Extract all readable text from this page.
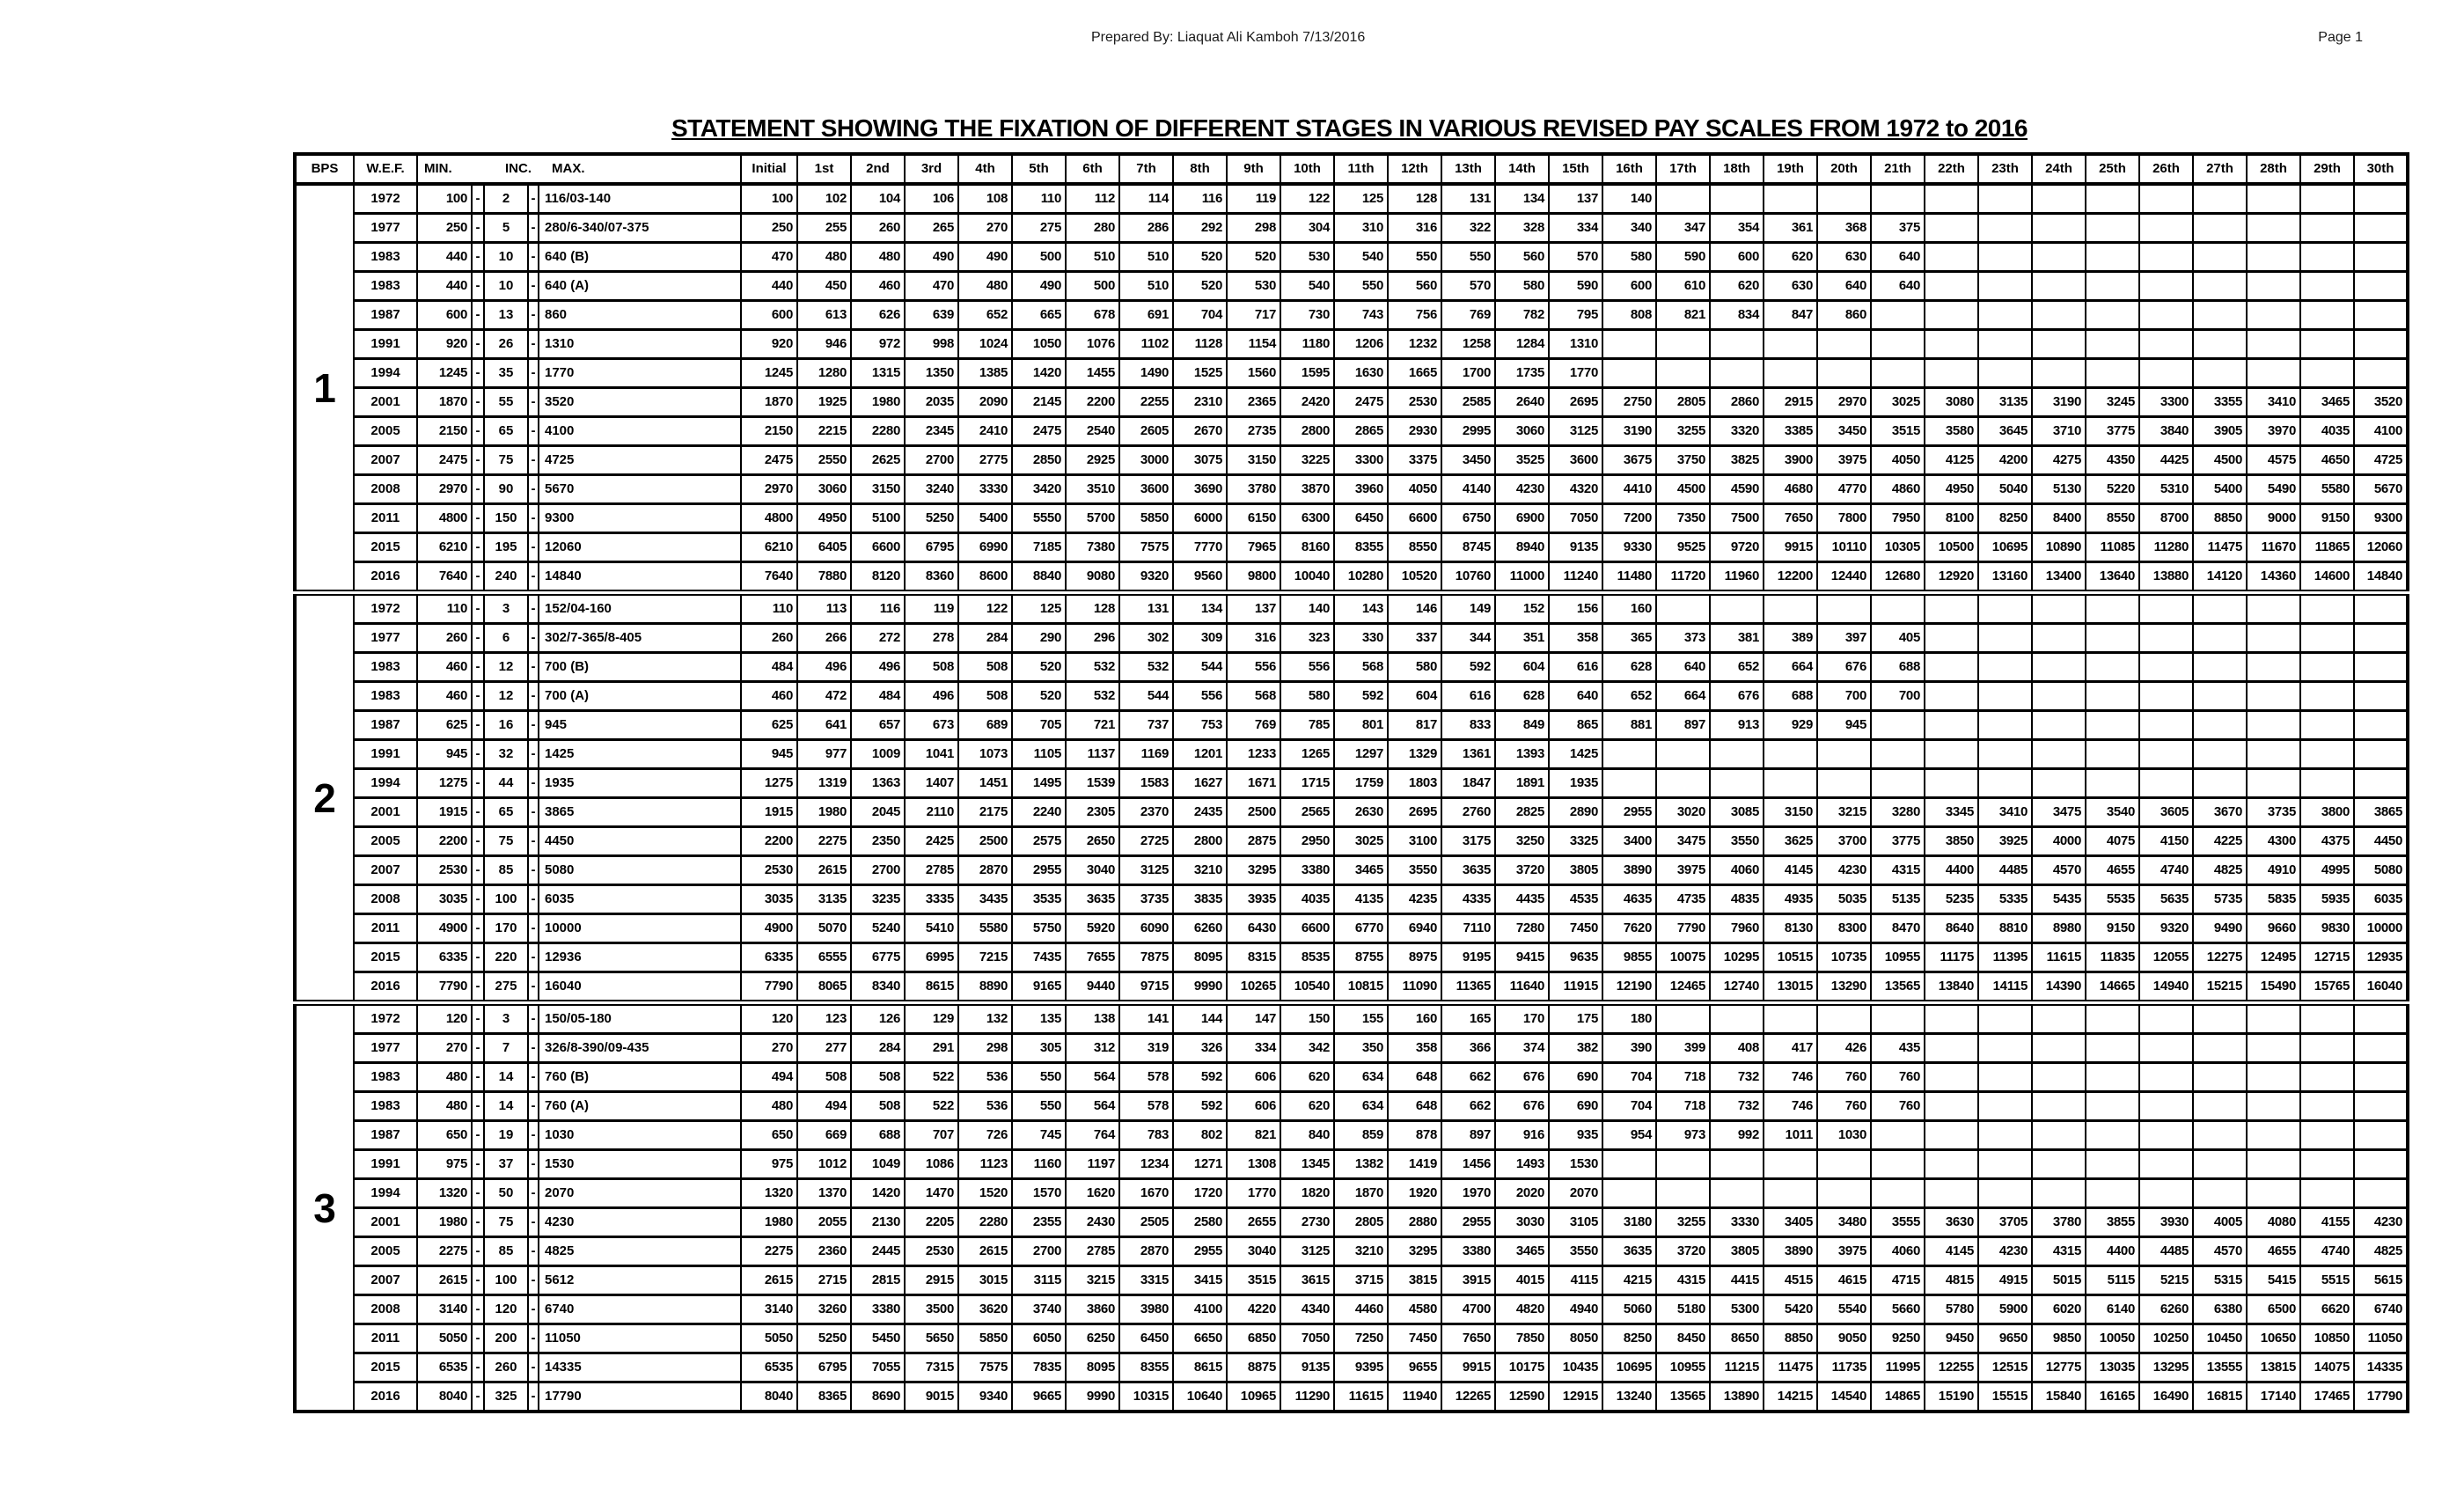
Prepared By: Liaquat Ali Kamboh 7/13/2016	Page 1
STATEMENT SHOWING THE FIXATION OF DIFFERENT STAGES IN VARIOUS REVISED PAY SCALES FROM 1972 to 2016
BPS	W.E.F.	MIN. INC. MAX.					Initial	1st	2nd	3rd	4th	5th	6th	7th	8th	9th	10th	11th	12th	13th	14th	15th	16th	17th	18th	19th	20th	21th	22th	23th	24th	25th	26th	27th	28th	29th	30th
1	1972	100	-	2	-	116/03-140	100	102	104	106	108	110	112	114	116	119	122	125	128	131	134	137	140														
	1977	250	-	5	-	280/6-340/07-375	250	255	260	265	270	275	280	286	292	298	304	310	316	322	328	334	340	347	354	361	368	375									
	1983	440	-	10	-	640 (B)	470	480	480	490	490	500	510	510	520	520	530	540	550	550	560	570	580	590	600	620	630	640									
	1983	440	-	10	-	640 (A)	440	450	460	470	480	490	500	510	520	530	540	550	560	570	580	590	600	610	620	630	640	640									
	1987	600	-	13	-	860	600	613	626	639	652	665	678	691	704	717	730	743	756	769	782	795	808	821	834	847	860										
	1991	920	-	26	-	1310	920	946	972	998	1024	1050	1076	1102	1128	1154	1180	1206	1232	1258	1284	1310															
	1994	1245	-	35	-	1770	1245	1280	1315	1350	1385	1420	1455	1490	1525	1560	1595	1630	1665	1700	1735	1770															
	2001	1870	-	55	-	3520	1870	1925	1980	2035	2090	2145	2200	2255	2310	2365	2420	2475	2530	2585	2640	2695	2750	2805	2860	2915	2970	3025	3080	3135	3190	3245	3300	3355	3410	3465	3520
	2005	2150	-	65	-	4100	2150	2215	2280	2345	2410	2475	2540	2605	2670	2735	2800	2865	2930	2995	3060	3125	3190	3255	3320	3385	3450	3515	3580	3645	3710	3775	3840	3905	3970	4035	4100
	2007	2475	-	75	-	4725	2475	2550	2625	2700	2775	2850	2925	3000	3075	3150	3225	3300	3375	3450	3525	3600	3675	3750	3825	3900	3975	4050	4125	4200	4275	4350	4425	4500	4575	4650	4725
	2008	2970	-	90	-	5670	2970	3060	3150	3240	3330	3420	3510	3600	3690	3780	3870	3960	4050	4140	4230	4320	4410	4500	4590	4680	4770	4860	4950	5040	5130	5220	5310	5400	5490	5580	5670
	2011	4800	-	150	-	9300	4800	4950	5100	5250	5400	5550	5700	5850	6000	6150	6300	6450	6600	6750	6900	7050	7200	7350	7500	7650	7800	7950	8100	8250	8400	8550	8700	8850	9000	9150	9300
	2015	6210	-	195	-	12060	6210	6405	6600	6795	6990	7185	7380	7575	7770	7965	8160	8355	8550	8745	8940	9135	9330	9525	9720	9915	10110	10305	10500	10695	10890	11085	11280	11475	11670	11865	12060
	2016	7640	-	240	-	14840	7640	7880	8120	8360	8600	8840	9080	9320	9560	9800	10040	10280	10520	10760	11000	11240	11480	11720	11960	12200	12440	12680	12920	13160	13400	13640	13880	14120	14360	14600	14840
2	1972	110	-	3	-	152/04-160	110	113	116	119	122	125	128	131	134	137	140	143	146	149	152	156	160														
	1977	260	-	6	-	302/7-365/8-405	260	266	272	278	284	290	296	302	309	316	323	330	337	344	351	358	365	373	381	389	397	405									
	1983	460	-	12	-	700 (B)	484	496	496	508	508	520	532	532	544	556	556	568	580	592	604	616	628	640	652	664	676	688									
	1983	460	-	12	-	700 (A)	460	472	484	496	508	520	532	544	556	568	580	592	604	616	628	640	652	664	676	688	700	700									
	1987	625	-	16	-	945	625	641	657	673	689	705	721	737	753	769	785	801	817	833	849	865	881	897	913	929	945										
	1991	945	-	32	-	1425	945	977	1009	1041	1073	1105	1137	1169	1201	1233	1265	1297	1329	1361	1393	1425															
	1994	1275	-	44	-	1935	1275	1319	1363	1407	1451	1495	1539	1583	1627	1671	1715	1759	1803	1847	1891	1935															
	2001	1915	-	65	-	3865	1915	1980	2045	2110	2175	2240	2305	2370	2435	2500	2565	2630	2695	2760	2825	2890	2955	3020	3085	3150	3215	3280	3345	3410	3475	3540	3605	3670	3735	3800	3865
	2005	2200	-	75	-	4450	2200	2275	2350	2425	2500	2575	2650	2725	2800	2875	2950	3025	3100	3175	3250	3325	3400	3475	3550	3625	3700	3775	3850	3925	4000	4075	4150	4225	4300	4375	4450
	2007	2530	-	85	-	5080	2530	2615	2700	2785	2870	2955	3040	3125	3210	3295	3380	3465	3550	3635	3720	3805	3890	3975	4060	4145	4230	4315	4400	4485	4570	4655	4740	4825	4910	4995	5080
	2008	3035	-	100	-	6035	3035	3135	3235	3335	3435	3535	3635	3735	3835	3935	4035	4135	4235	4335	4435	4535	4635	4735	4835	4935	5035	5135	5235	5335	5435	5535	5635	5735	5835	5935	6035
	2011	4900	-	170	-	10000	4900	5070	5240	5410	5580	5750	5920	6090	6260	6430	6600	6770	6940	7110	7280	7450	7620	7790	7960	8130	8300	8470	8640	8810	8980	9150	9320	9490	9660	9830	10000
	2015	6335	-	220	-	12936	6335	6555	6775	6995	7215	7435	7655	7875	8095	8315	8535	8755	8975	9195	9415	9635	9855	10075	10295	10515	10735	10955	11175	11395	11615	11835	12055	12275	12495	12715	12935
	2016	7790	-	275	-	16040	7790	8065	8340	8615	8890	9165	9440	9715	9990	10265	10540	10815	11090	11365	11640	11915	12190	12465	12740	13015	13290	13565	13840	14115	14390	14665	14940	15215	15490	15765	16040
3	1972	120	-	3	-	150/05-180	120	123	126	129	132	135	138	141	144	147	150	155	160	165	170	175	180														
	1977	270	-	7	-	326/8-390/09-435	270	277	284	291	298	305	312	319	326	334	342	350	358	366	374	382	390	399	408	417	426	435									
	1983	480	-	14	-	760 (B)	494	508	508	522	536	550	564	578	592	606	620	634	648	662	676	690	704	718	732	746	760	760									
	1983	480	-	14	-	760 (A)	480	494	508	522	536	550	564	578	592	606	620	634	648	662	676	690	704	718	732	746	760	760									
	1987	650	-	19	-	1030	650	669	688	707	726	745	764	783	802	821	840	859	878	897	916	935	954	973	992	1011	1030										
	1991	975	-	37	-	1530	975	1012	1049	1086	1123	1160	1197	1234	1271	1308	1345	1382	1419	1456	1493	1530															
	1994	1320	-	50	-	2070	1320	1370	1420	1470	1520	1570	1620	1670	1720	1770	1820	1870	1920	1970	2020	2070															
	2001	1980	-	75	-	4230	1980	2055	2130	2205	2280	2355	2430	2505	2580	2655	2730	2805	2880	2955	3030	3105	3180	3255	3330	3405	3480	3555	3630	3705	3780	3855	3930	4005	4080	4155	4230
	2005	2275	-	85	-	4825	2275	2360	2445	2530	2615	2700	2785	2870	2955	3040	3125	3210	3295	3380	3465	3550	3635	3720	3805	3890	3975	4060	4145	4230	4315	4400	4485	4570	4655	4740	4825
	2007	2615	-	100	-	5612	2615	2715	2815	2915	3015	3115	3215	3315	3415	3515	3615	3715	3815	3915	4015	4115	4215	4315	4415	4515	4615	4715	4815	4915	5015	5115	5215	5315	5415	5515	5615
	2008	3140	-	120	-	6740	3140	3260	3380	3500	3620	3740	3860	3980	4100	4220	4340	4460	4580	4700	4820	4940	5060	5180	5300	5420	5540	5660	5780	5900	6020	6140	6260	6380	6500	6620	6740
	2011	5050	-	200	-	11050	5050	5250	5450	5650	5850	6050	6250	6450	6650	6850	7050	7250	7450	7650	7850	8050	8250	8450	8650	8850	9050	9250	9450	9650	9850	10050	10250	10450	10650	10850	11050
	2015	6535	-	260	-	14335	6535	6795	7055	7315	7575	7835	8095	8355	8615	8875	9135	9395	9655	9915	10175	10435	10695	10955	11215	11475	11735	11995	12255	12515	12775	13035	13295	13555	13815	14075	14335
	2016	8040	-	325	-	17790	8040	8365	8690	9015	9340	9665	9990	10315	10640	10965	11290	11615	11940	12265	12590	12915	13240	13565	13890	14215	14540	14865	15190	15515	15840	16165	16490	16815	17140	17465	17790
